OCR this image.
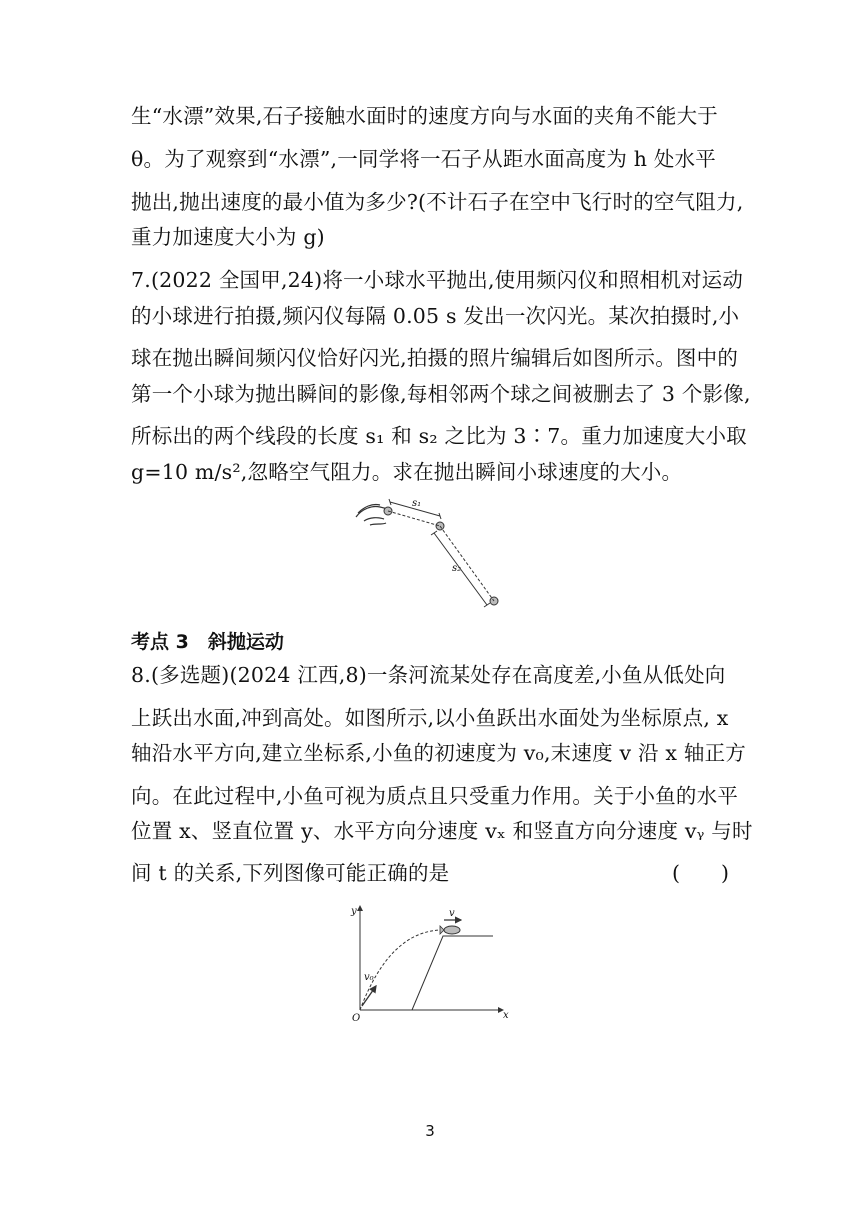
生“水漂”效果,石子接触水面时的速度方向与水面的夹角不能大于
θ。为了观察到“水漂”,一同学将一石子从距水面高度为 h 处水平
抛出,抛出速度的最小值为多少?(不计石子在空中飞行时的空气阻力,
重力加速度大小为 g)
7.(2022 全国甲,24)将一小球水平抛出,使用频闪仪和照相机对运动
的小球进行拍摄,频闪仪每隔 0.05 s 发出一次闪光。某次拍摄时,小
球在抛出瞬间频闪仪恰好闪光,拍摄的照片编辑后如图所示。图中的
第一个小球为抛出瞬间的影像,每相邻两个球之间被删去了 3 个影像,
所标出的两个线段的长度 s₁ 和 s₂ 之比为 3∶7。重力加速度大小取
g=10 m/s²,忽略空气阻力。求在抛出瞬间小球速度的大小。
s₁
s₂
考点 3　斜抛运动
8.(多选题)(2024 江西,8)一条河流某处存在高度差,小鱼从低处向
上跃出水面,冲到高处。如图所示,以小鱼跃出水面处为坐标原点, x
轴沿水平方向,建立坐标系,小鱼的初速度为 v₀,末速度 v 沿 x 轴正方
向。在此过程中,小鱼可视为质点且只受重力作用。关于小鱼的水平
位置 x、竖直位置 y、水平方向分速度 vₓ 和竖直方向分速度 vᵧ 与时
间 t 的关系,下列图像可能正确的是	(　　)
y
x
O
v₀
v
3
